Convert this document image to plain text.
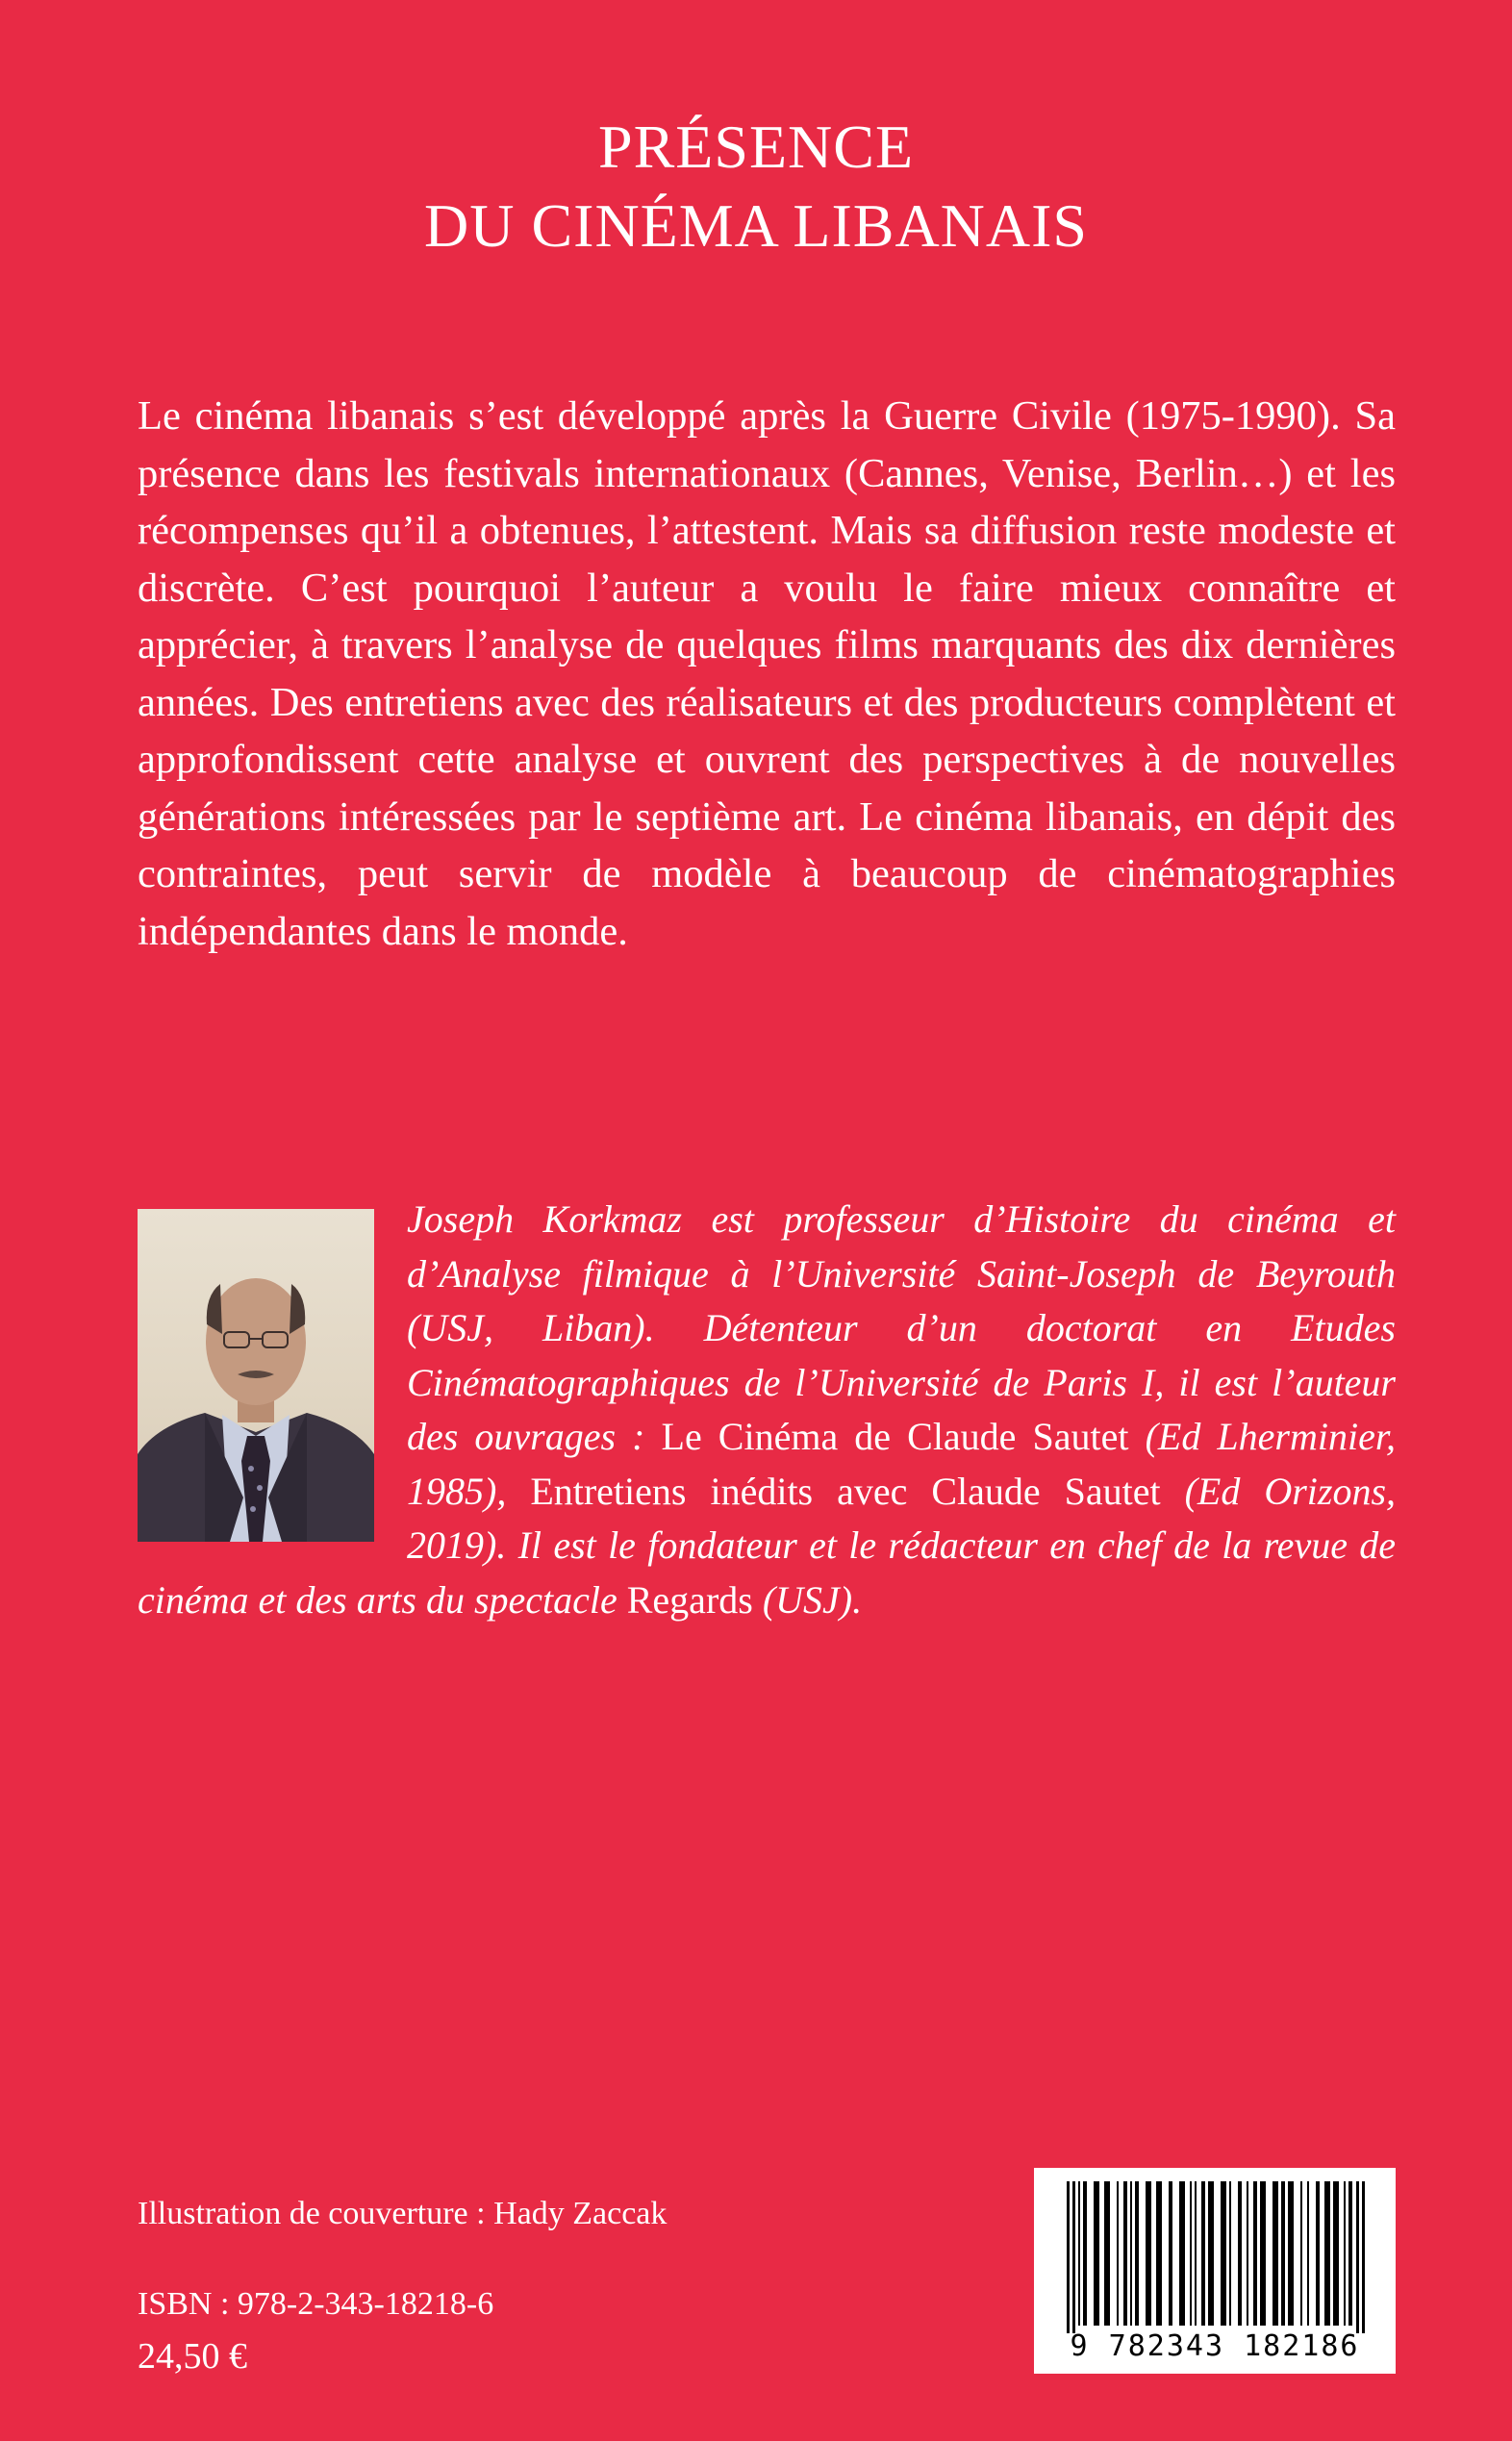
PRÉSENCE
DU CINÉMA LIBANAIS

Le cinéma libanais s’est développé après la Guerre Civile (1975-1990). Sa présence dans les festivals internationaux (Cannes, Venise, Berlin…) et les récompenses qu’il a obtenues, l’attestent. Mais sa diffusion reste modeste et discrète. C’est pourquoi l’auteur a voulu le faire mieux connaître et apprécier, à travers l’analyse de quelques films marquants des dix dernières années. Des entretiens avec des réalisateurs et des producteurs complètent et approfondissent cette analyse et ouvrent des perspectives à de nouvelles générations intéressées par le septième art. Le cinéma libanais, en dépit des contraintes, peut servir de modèle à beaucoup de cinématographies indépendantes dans le monde.

Joseph Korkmaz est professeur d’Histoire du cinéma et d’Analyse filmique à l’Université Saint-Joseph de Beyrouth (USJ, Liban). Détenteur d’un doctorat en Etudes Cinématographiques de l’Université de Paris I, il est l’auteur des ouvrages : Le Cinéma de Claude Sautet (Ed Lherminier, 1985), Entretiens inédits avec Claude Sautet (Ed Orizons, 2019). Il est le fondateur et le rédacteur en chef de la revue de cinéma et des arts du spectacle Regards (USJ).

Illustration de couverture : Hady Zaccak
ISBN : 978-2-343-18218-6
24,50 €	9 782343 182186
